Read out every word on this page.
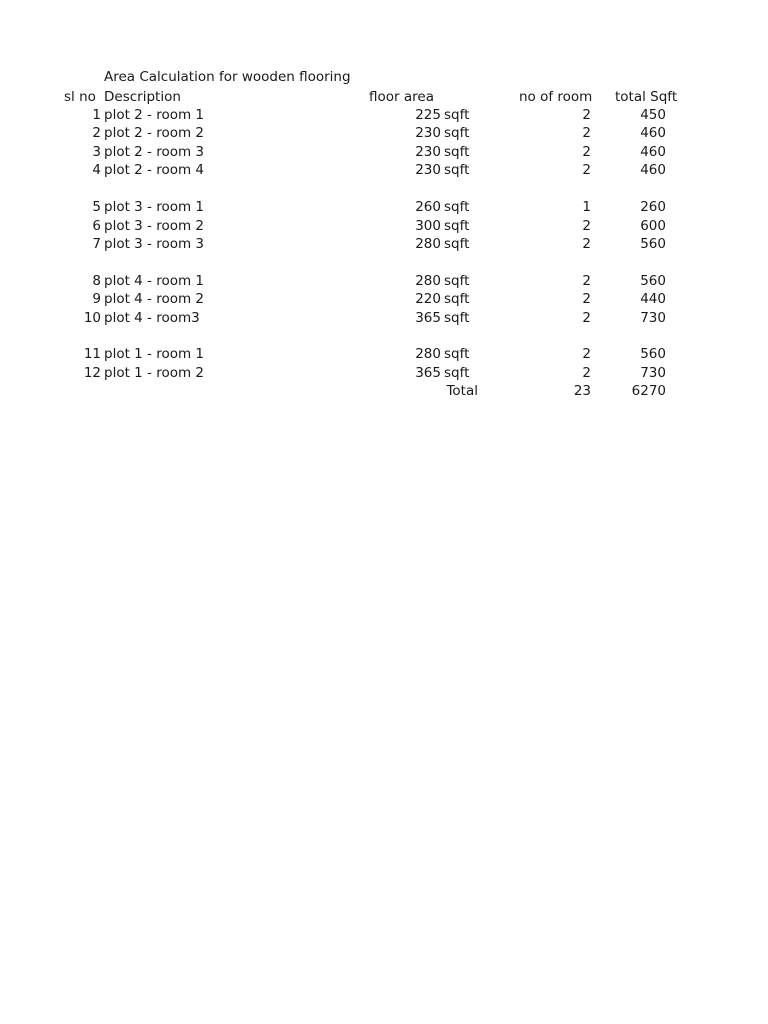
Area Calculation for wooden flooring
sl no Description	floor area	no of room total Sqft
1 plot 2 - room 1	225 sqft	2	450
2 plot 2 - room 2	230 sqft	2	460
3 plot 2 - room 3	230 sqft	2	460
4 plot 2 - room 4	230 sqft	2	460
5 plot 3 - room 1	260 sqft	1	260
6 plot 3 - room 2	300 sqft	2	600
7 plot 3 - room 3	280 sqft	2	560
8 plot 4 - room 1	280 sqft	2	560
9 plot 4 - room 2	220 sqft	2	440
10 plot 4 - room3	365 sqft	2	730
11 plot 1 - room 1	280 sqft	2	560
12 plot 1 - room 2	365 sqft	2	730
Total	23	6270
